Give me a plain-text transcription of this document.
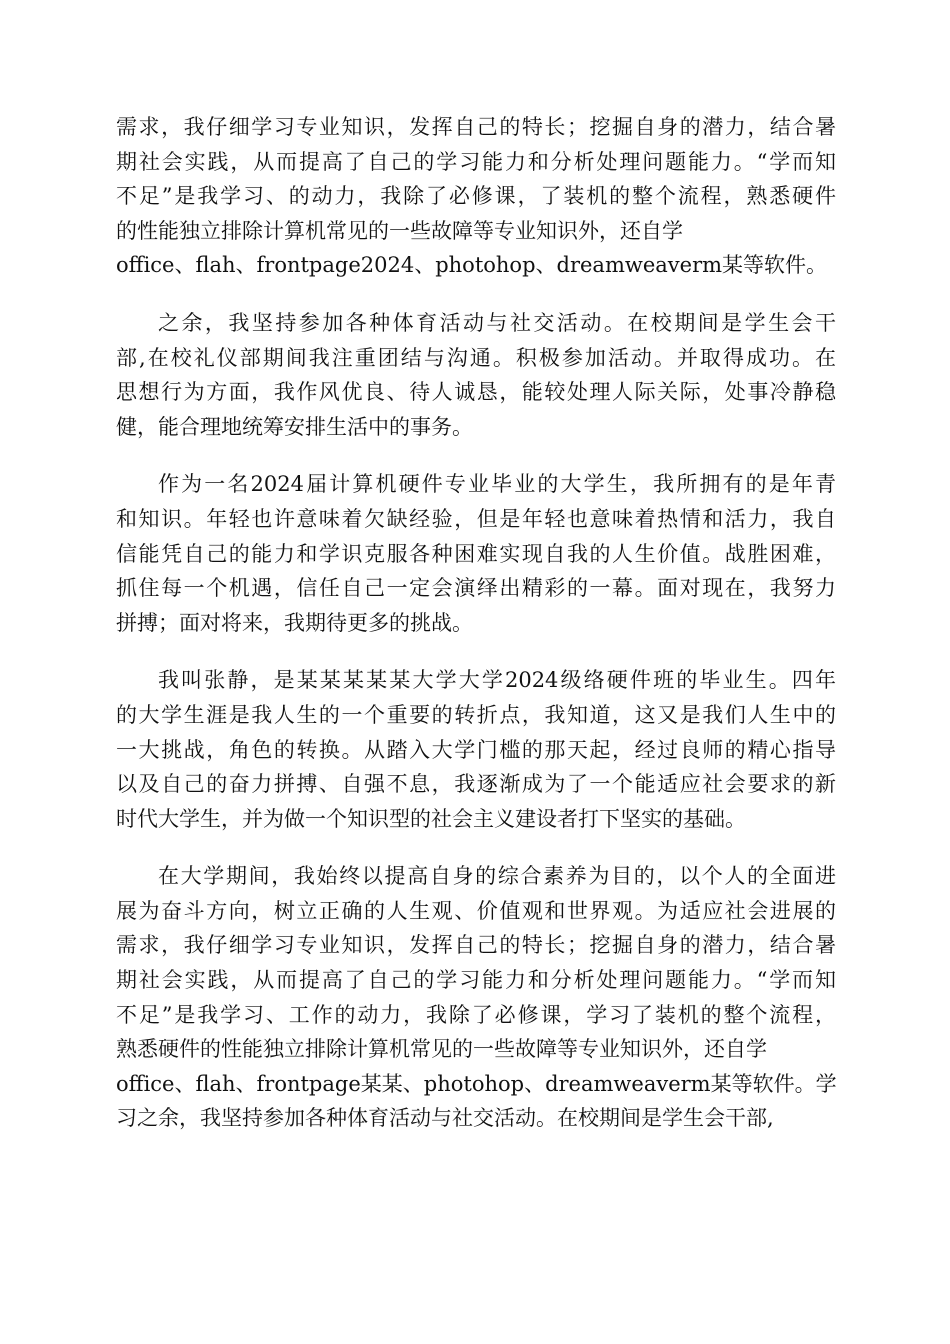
需求，我仔细学习专业知识，发挥自己的特长；挖掘自身的潜力，结合暑
期社会实践，从而提高了自己的学习能力和分析处理问题能力。“学而知
不足”是我学习、的动力，我除了必修课，了装机的整个流程，熟悉硬件
的性能独立排除计算机常见的一些故障等专业知识外，还自学
office、flah、frontpage2024、photohop、dreamweaverm某等软件。

之余，我坚持参加各种体育活动与社交活动。在校期间是学生会干
部,在校礼仪部期间我注重团结与沟通。积极参加活动。并取得成功。在
思想行为方面，我作风优良、待人诚恳，能较处理人际关际，处事冷静稳
健，能合理地统筹安排生活中的事务。

作为一名2024届计算机硬件专业毕业的大学生，我所拥有的是年青
和知识。年轻也许意味着欠缺经验，但是年轻也意味着热情和活力，我自
信能凭自己的能力和学识克服各种困难实现自我的人生价值。战胜困难，
抓住每一个机遇，信任自己一定会演绎出精彩的一幕。面对现在，我努力
拼搏；面对将来，我期待更多的挑战。

我叫张静，是某某某某某大学大学2024级络硬件班的毕业生。四年
的大学生涯是我人生的一个重要的转折点，我知道，这又是我们人生中的
一大挑战，角色的转换。从踏入大学门槛的那天起，经过良师的精心指导
以及自己的奋力拼搏、自强不息，我逐渐成为了一个能适应社会要求的新
时代大学生，并为做一个知识型的社会主义建设者打下坚实的基础。

在大学期间，我始终以提高自身的综合素养为目的，以个人的全面进
展为奋斗方向，树立正确的人生观、价值观和世界观。为适应社会进展的
需求，我仔细学习专业知识，发挥自己的特长；挖掘自身的潜力，结合暑
期社会实践，从而提高了自己的学习能力和分析处理问题能力。“学而知
不足”是我学习、工作的动力，我除了必修课，学习了装机的整个流程，
熟悉硬件的性能独立排除计算机常见的一些故障等专业知识外，还自学
office、flah、frontpage某某、photohop、dreamweaverm某等软件。学
习之余，我坚持参加各种体育活动与社交活动。在校期间是学生会干部,
